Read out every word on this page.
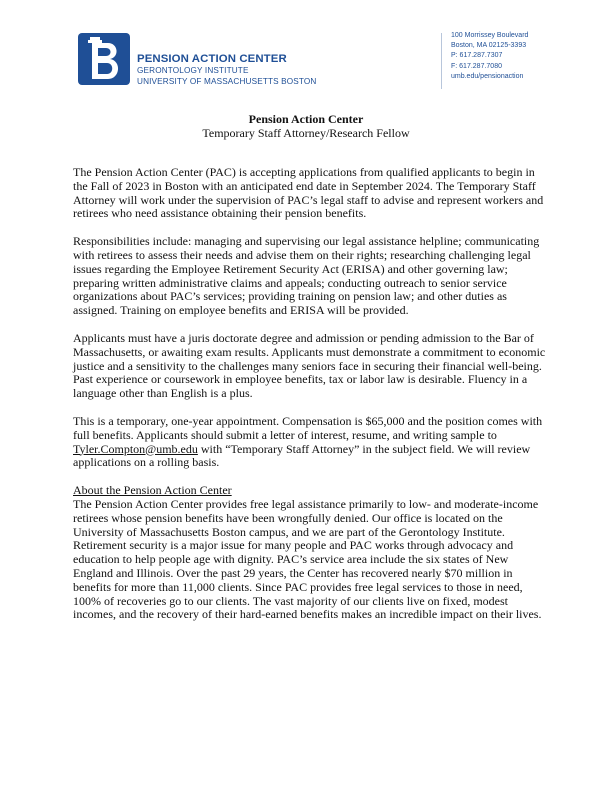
PENSION ACTION CENTER
GERONTOLOGY INSTITUTE
UNIVERSITY OF MASSACHUSETTS BOSTON
100 Morrissey Boulevard
Boston, MA 02125-3393
P: 617.287.7307
F: 617.287.7080
umb.edu/pensionaction
Pension Action Center
Temporary Staff Attorney/Research Fellow

The Pension Action Center (PAC) is accepting applications from qualified applicants to begin in the Fall of 2023 in Boston with an anticipated end date in September 2024. The Temporary Staff Attorney will work under the supervision of PAC’s legal staff to advise and represent workers and retirees who need assistance obtaining their pension benefits.

Responsibilities include: managing and supervising our legal assistance helpline; communicating with retirees to assess their needs and advise them on their rights; researching challenging legal issues regarding the Employee Retirement Security Act (ERISA) and other governing law; preparing written administrative claims and appeals; conducting outreach to senior service organizations about PAC’s services; providing training on pension law; and other duties as assigned. Training on employee benefits and ERISA will be provided.

Applicants must have a juris doctorate degree and admission or pending admission to the Bar of Massachusetts, or awaiting exam results. Applicants must demonstrate a commitment to economic justice and a sensitivity to the challenges many seniors face in securing their financial well-being. Past experience or coursework in employee benefits, tax or labor law is desirable. Fluency in a language other than English is a plus.

This is a temporary, one-year appointment. Compensation is $65,000 and the position comes with full benefits. Applicants should submit a letter of interest, resume, and writing sample to Tyler.Compton@umb.edu with “Temporary Staff Attorney” in the subject field. We will review applications on a rolling basis.

About the Pension Action Center

The Pension Action Center provides free legal assistance primarily to low- and moderate-income retirees whose pension benefits have been wrongfully denied. Our office is located on the University of Massachusetts Boston campus, and we are part of the Gerontology Institute. Retirement security is a major issue for many people and PAC works through advocacy and education to help people age with dignity. PAC’s service area include the six states of New England and Illinois. Over the past 29 years, the Center has recovered nearly $70 million in benefits for more than 11,000 clients. Since PAC provides free legal services to those in need, 100% of recoveries go to our clients. The vast majority of our clients live on fixed, modest incomes, and the recovery of their hard-earned benefits makes an incredible impact on their lives.
